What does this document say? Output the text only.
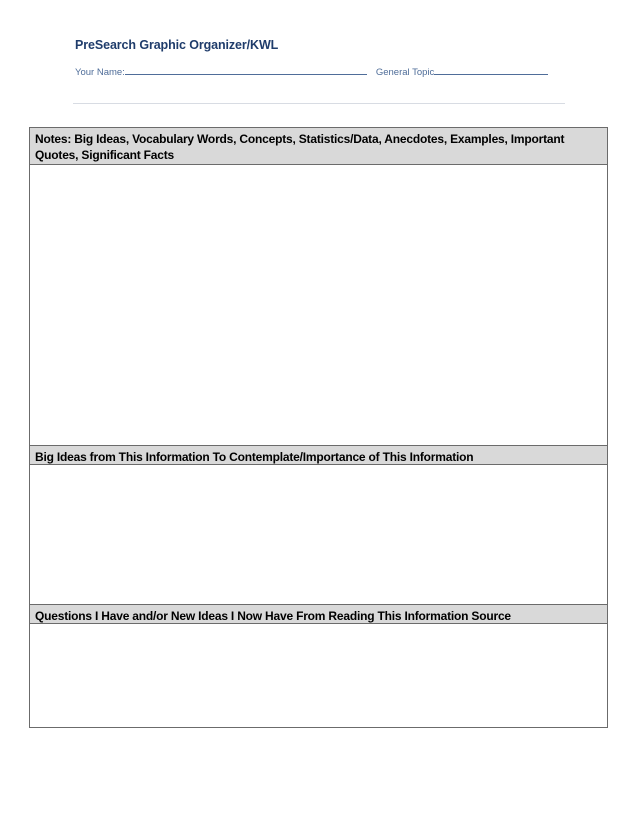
PreSearch Graphic Organizer/KWL
Your Name:	General Topic
Notes: Big Ideas, Vocabulary Words, Concepts, Statistics/Data, Anecdotes, Examples, Important Quotes, Significant Facts
Big Ideas from This Information To Contemplate/Importance of This Information
Questions I Have and/or New Ideas I Now Have From Reading This Information Source
